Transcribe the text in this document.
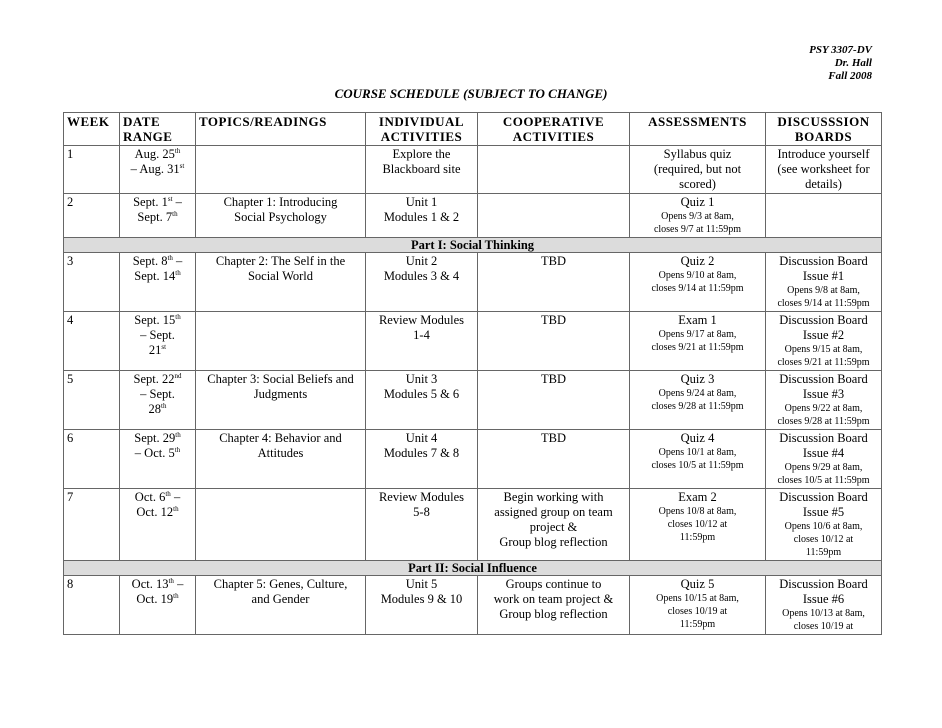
PSY 3307-DV
Dr. Hall
Fall 2008
COURSE SCHEDULE (SUBJECT TO CHANGE)
WEEK	DATE
RANGE	TOPICS/READINGS	INDIVIDUAL
ACTIVITIES	COOPERATIVE
ACTIVITIES	ASSESSMENTS	DISCUSSSION
BOARDS
1	Aug. 25th
– Aug. 31st		Explore the
Blackboard site		Syllabus quiz
(required, but not
scored)	Introduce yourself
(see worksheet for
details)

2	Sept. 1st –
Sept. 7th	Chapter 1: Introducing
Social Psychology	Unit 1
Modules 1 & 2		Quiz 1
Opens 9/3 at 8am,
closes 9/7 at 11:59pm	

Part I: Social Thinking						
3	Sept. 8th –
Sept. 14th	Chapter 2: The Self in the
Social World	Unit 2
Modules 3 & 4	TBD	Quiz 2
Opens 9/10 at 8am,
closes 9/14 at 11:59pm	Discussion Board
Issue #1
Opens 9/8 at 8am,
closes 9/14 at 11:59pm

4	Sept. 15th
– Sept.
21st		Review Modules
1-4	TBD	Exam 1
Opens 9/17 at 8am,
closes 9/21 at 11:59pm	Discussion Board
Issue #2
Opens 9/15 at 8am,
closes 9/21 at 11:59pm

5	Sept. 22nd
– Sept.
28th	Chapter 3: Social Beliefs and
Judgments	Unit 3
Modules 5 & 6	TBD	Quiz 3
Opens 9/24 at 8am,
closes 9/28 at 11:59pm	Discussion Board
Issue #3
Opens 9/22 at 8am,
closes 9/28 at 11:59pm

6	Sept. 29th
– Oct. 5th	Chapter 4: Behavior and
Attitudes	Unit 4
Modules 7 & 8	TBD	Quiz 4
Opens 10/1 at 8am,
closes 10/5 at 11:59pm	Discussion Board
Issue #4
Opens 9/29 at 8am,
closes 10/5 at 11:59pm

7	Oct. 6th –
Oct. 12th		Review Modules
5-8	Begin working with
assigned group on team
project &
Group blog reflection	Exam 2
Opens 10/8 at 8am,
closes 10/12 at
11:59pm	Discussion Board
Issue #5
Opens 10/6 at 8am,
closes 10/12 at
11:59pm

Part II: Social Influence						
8	Oct. 13th –
Oct. 19th	Chapter 5: Genes, Culture,
and Gender	Unit 5
Modules 9 & 10	Groups continue to
work on team project &
Group blog reflection	Quiz 5
Opens 10/15 at 8am,
closes 10/19 at
11:59pm	Discussion Board
Issue #6
Opens 10/13 at 8am,
closes 10/19 at
